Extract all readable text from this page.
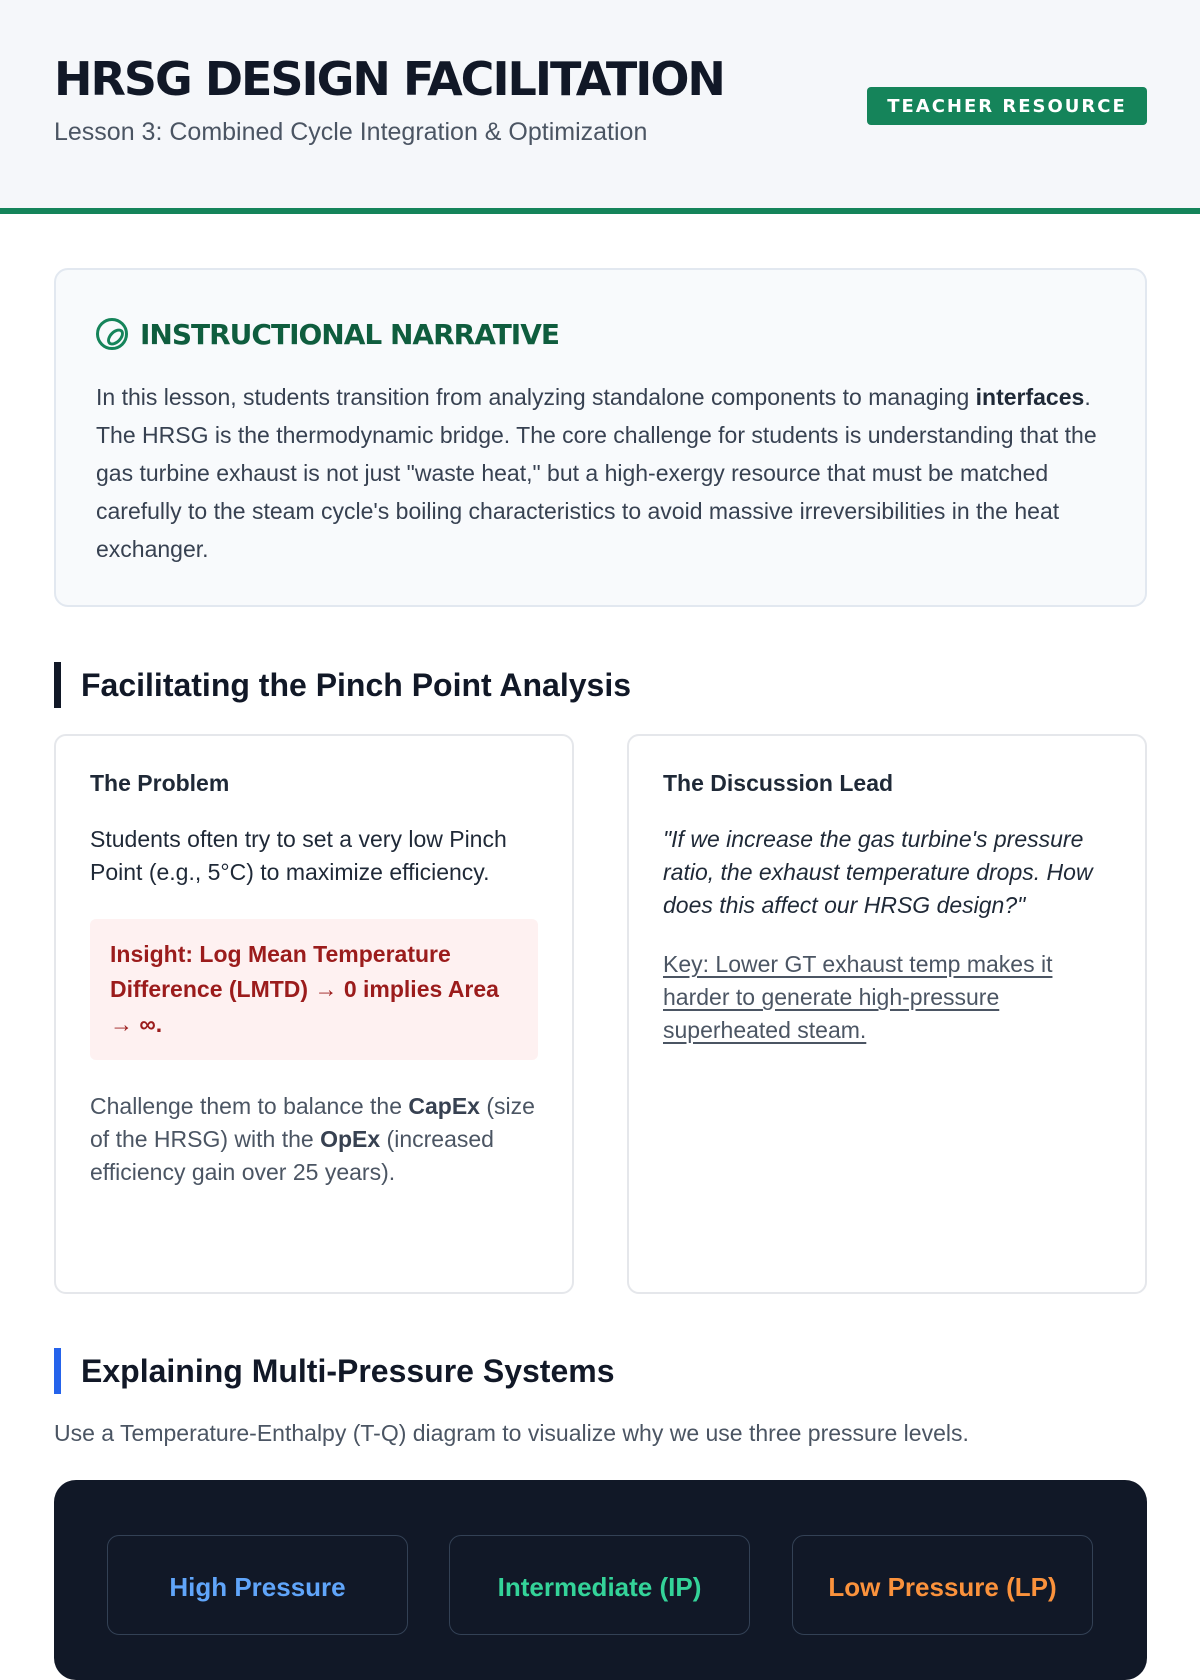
HRSG DESIGN FACILITATION
Lesson 3: Combined Cycle Integration & Optimization
TEACHER RESOURCE
INSTRUCTIONAL NARRATIVE

In this lesson, students transition from analyzing standalone components to managing interfaces. The HRSG is the thermodynamic bridge. The core challenge for students is understanding that the gas turbine exhaust is not just "waste heat," but a high-exergy resource that must be matched carefully to the steam cycle's boiling characteristics to avoid massive irreversibilities in the heat exchanger.

Facilitating the Pinch Point Analysis
The Problem

Students often try to set a very low Pinch Point (e.g., 5°C) to maximize efficiency.

Insight: Log Mean Temperature Difference (LMTD) → 0 implies Area → ∞.

Challenge them to balance the CapEx (size of the HRSG) with the OpEx (increased efficiency gain over 25 years).

The Discussion Lead

"If we increase the gas turbine's pressure ratio, the exhaust temperature drops. How does this affect our HRSG design?"

Key: Lower GT exhaust temp makes it harder to generate high-pressure superheated steam.

Explaining Multi-Pressure Systems

Use a Temperature-Enthalpy (T-Q) diagram to visualize why we use three pressure levels.

High Pressure	Intermediate (IP)	Low Pressure (LP)
